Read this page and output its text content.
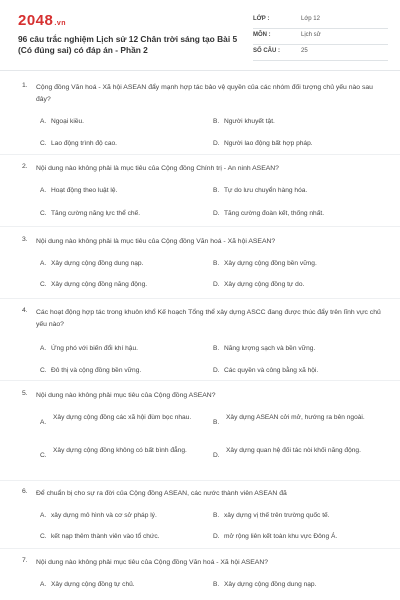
2048.vn
96 câu trắc nghiệm Lịch sử 12 Chân trời sáng tạo Bài 5 (Có đúng sai) có đáp án - Phần 2
LỚP :	Lớp 12
MÔN :	Lịch sử
SỐ CÂU :	25
1. Cộng đồng Văn hoá - Xã hội ASEAN đẩy mạnh hợp tác bảo vệ quyền của các nhóm đối tượng chủ yếu nào sau đây?
A. Ngoại kiều.	B. Người khuyết tật.
C. Lao động trình độ cao.	D. Người lao động bất hợp pháp.
2. Nội dung nào không phải là mục tiêu của Cộng đồng Chính trị - An ninh ASEAN?
A. Hoạt động theo luật lệ.	B. Tự do lưu chuyển hàng hóa.
C. Tăng cường năng lực thể chế.	D. Tăng cường đoàn kết, thống nhất.
3. Nội dung nào không phải là mục tiêu của Cộng đồng Văn hoá - Xã hội ASEAN?
A. Xây dựng cộng đồng dung nạp.	B. Xây dựng cộng đồng bền vững.
C. Xây dựng cộng đồng năng động.	D. Xây dựng cộng đồng tự do.
4. Các hoạt động hợp tác trong khuôn khổ Kế hoạch Tổng thể xây dựng ASCC đang được thúc đẩy trên lĩnh vực chủ yếu nào?
A. Ứng phó với biến đổi khí hậu.	B. Năng lượng sạch và bền vững.
C. Đô thị và cộng đồng bền vững.	D. Các quyền và công bằng xã hội.
5. Nội dung nào không phải mục tiêu của Cộng đồng ASEAN?
A.
Xây dựng cộng đồng các xã hội đùm bọc nhau.
B.
Xây dựng ASEAN cởi mở, hướng ra bên ngoài.
C.
Xây dựng cộng đồng không có bất bình đẳng.
D.
Xây dựng quan hệ đối tác nòi khối năng động.
6. Để chuẩn bị cho sự ra đời của Cộng đồng ASEAN, các nước thành viên ASEAN đã
A. xây dựng mô hình và cơ sở pháp lý.	B. xây dựng vị thế trên trường quốc tế.
C. kết nạp thêm thành viên vào tổ chức.	D. mở rộng liên kết toàn khu vực Đông Á.
7. Nội dung nào không phải mục tiêu của Cộng đồng Văn hoá - Xã hội ASEAN?
A. Xây dựng cộng đồng tự chủ.	B. Xây dựng cộng đồng dung nạp.
